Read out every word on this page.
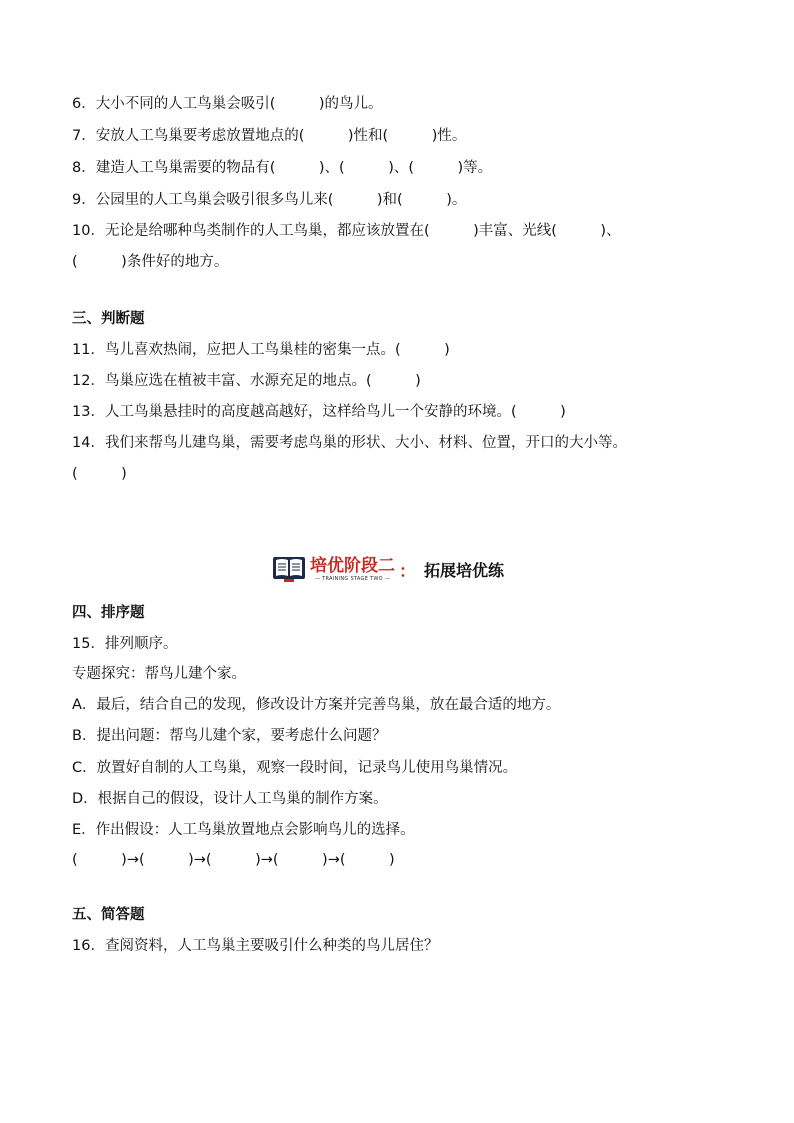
6．大小不同的人工鸟巢会吸引(　　　)的鸟儿。
7．安放人工鸟巢要考虑放置地点的(　　　)性和(　　　)性。
8．建造人工鸟巢需要的物品有(　　　)、(　　　)、(　　　)等。
9．公园里的人工鸟巢会吸引很多鸟儿来(　　　)和(　　　)。
10．无论是给哪种鸟类制作的人工鸟巢，都应该放置在(　　　)丰富、光线(　　　)、
(　　　)条件好的地方。
三、判断题
11．鸟儿喜欢热闹，应把人工鸟巢桂的密集一点。(　　　)
12．鸟巢应选在植被丰富、水源充足的地点。(　　　)
13．人工鸟巢悬挂时的高度越高越好，这样给鸟儿一个安静的环境。(　　　)
14．我们来帮鸟儿建鸟巢，需要考虑鸟巢的形状、大小、材料、位置，开口的大小等。
(　　　)
培优阶段二
— TRAINING STAGE TWO — ： 拓展培优练
四、排序题
15．排列顺序。
专题探究：帮鸟儿建个家。
A．最后，结合自己的发现，修改设计方案并完善鸟巢，放在最合适的地方。
B．提出问题：帮鸟儿建个家，要考虑什么问题？
C．放置好自制的人工鸟巢，观察一段时间，记录鸟儿使用鸟巢情况。
D．根据自己的假设，设计人工鸟巢的制作方案。
E．作出假设：人工鸟巢放置地点会影响鸟儿的选择。
(　　　)→(　　　)→(　　　)→(　　　)→(　　　)
五、简答题
16．查阅资料，人工鸟巢主要吸引什么种类的鸟儿居住？
